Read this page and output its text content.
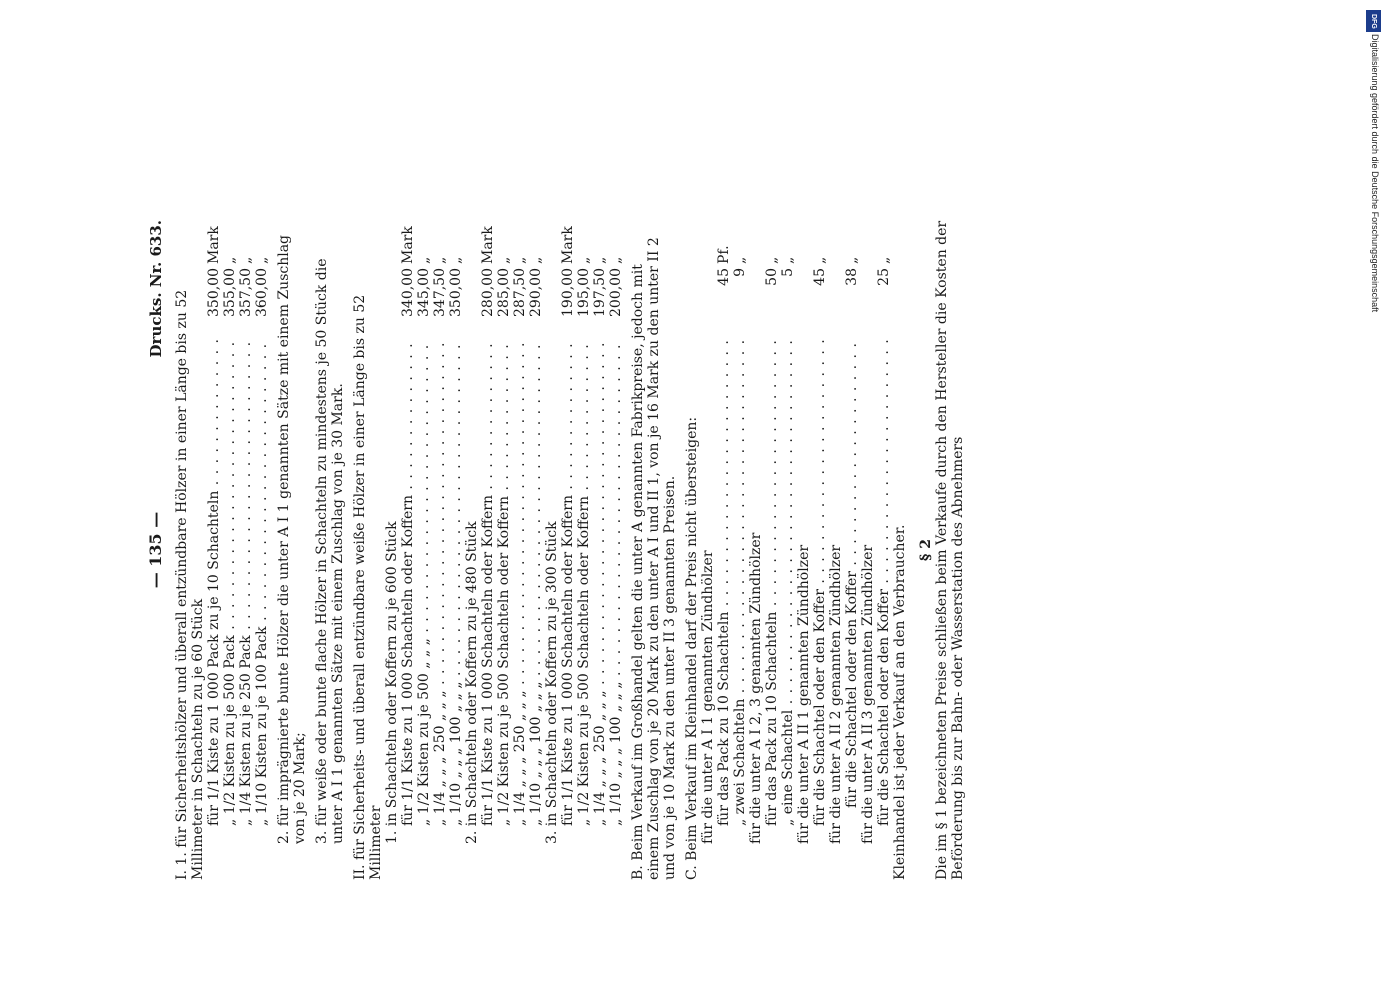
— 135 —
Drucks. Nr. 633.
I. 1. für Sicherheitshölzer und überall entzündbare Hölzer in einer Länge bis zu 52 Millimeter in Schachteln zu je 60 Stück für 1/1 Kiste zu 1 000 Pack zu je 10 Schachteln . . .
350,00
Mark
„ 1/2 Kisten zu je 500 Pack . . .
355,00
„
„ 1/4 Kisten zu je 250 Pack . . .
357,50
„
„ 1/10 Kisten zu je 100 Pack . . .
360,00
„ 2. für imprägnierte bunte Hölzer die unter A I 1 genannten Sätze mit einem Zuschlag von je 20 Mark; 3. für weiße oder bunte flache Hölzer in Schachteln zu mindestens je 50 Stück die unter A I 1 genannten Sätze mit einem Zuschlag von je 30 Mark. II. für Sicherheits- und überall entzündbare weiße Hölzer in einer Länge bis zu 52 Millimeter 1. in Schachteln oder Koffern zu je 600 Stück für 1/1 Kiste zu 1 000 Schachteln oder Koffern . . .
340,00
Mark
„ 1/2 Kisten zu je 500 „ „ „ . . .
345,00
„
„ 1/4 „ „ „ 250 „ „ „ . . .
347,50
„
„ 1/10 „ „ „ 100 „ „ „ . . .
350,00
„
2. in Schachteln oder Koffern zu je 480 Stück für 1/1 Kiste zu 1 000 Schachteln oder Koffern . . .
280,00
Mark
„ 1/2 Kisten zu je 500 Schachteln oder Koffern . . .
285,00
„
„ 1/4 „ „ „ 250 „ „ „ . . .
287,50
„
„ 1/10 „ „ „ 100 „ „ „ . . .
290,00
„
3. in Schachteln oder Koffern zu je 300 Stück für 1/1 Kiste zu 1 000 Schachteln oder Koffern . . .
190,00
Mark
„ 1/2 Kisten zu je 500 Schachteln oder Koffern . . .
195,00
„
„ 1/4 „ „ „ 250 „ „ „ . . .
197,50
„
„ 1/10 „ „ „ 100 „ „ „ . . .
200,00
„
B. Beim Verkauf im Großhandel gelten die unter A genannten Fabrikpreise, jedoch mit einem Zuschlag von je 20 Mark zu den unter A I und II 1, von je 16 Mark zu den unter II 2 und von je 10 Mark zu den unter II 3 genannten Preisen. C. Beim Verkauf im Kleinhandel darf der Preis nicht übersteigen: für die unter A I 1 genannten Zündhölzer für das Pack zu 10 Schachteln . . .
45
Pf.
„ zwei Schachteln . . .
9
„
für die unter A I 2, 3 genannten Zündhölzer für das Pack zu 10 Schachteln . . .
50
„
„ eine Schachtel . . .
5
„
für die unter A II 1 genannten Zündhölzer für die Schachtel oder den Koffer . . .
45
„
für die unter A II 2 genannten Zündhölzer für die Schachtel oder den Koffer . . .
38
„
für die unter A II 3 genannten Zündhölzer für die Schachtel oder den Koffer . . .
25
„
Kleinhandel ist jeder Verkauf an den Verbraucher. § 2 Die im § 1 bezeichneten Preise schließen beim Verkaufe durch den Hersteller die Kosten der Beförderung bis zur Bahn- oder Wasserstation des Abnehmers
DFG
Digitalisierung gefördert durch die Deutsche Forschungsgemeinschaft
